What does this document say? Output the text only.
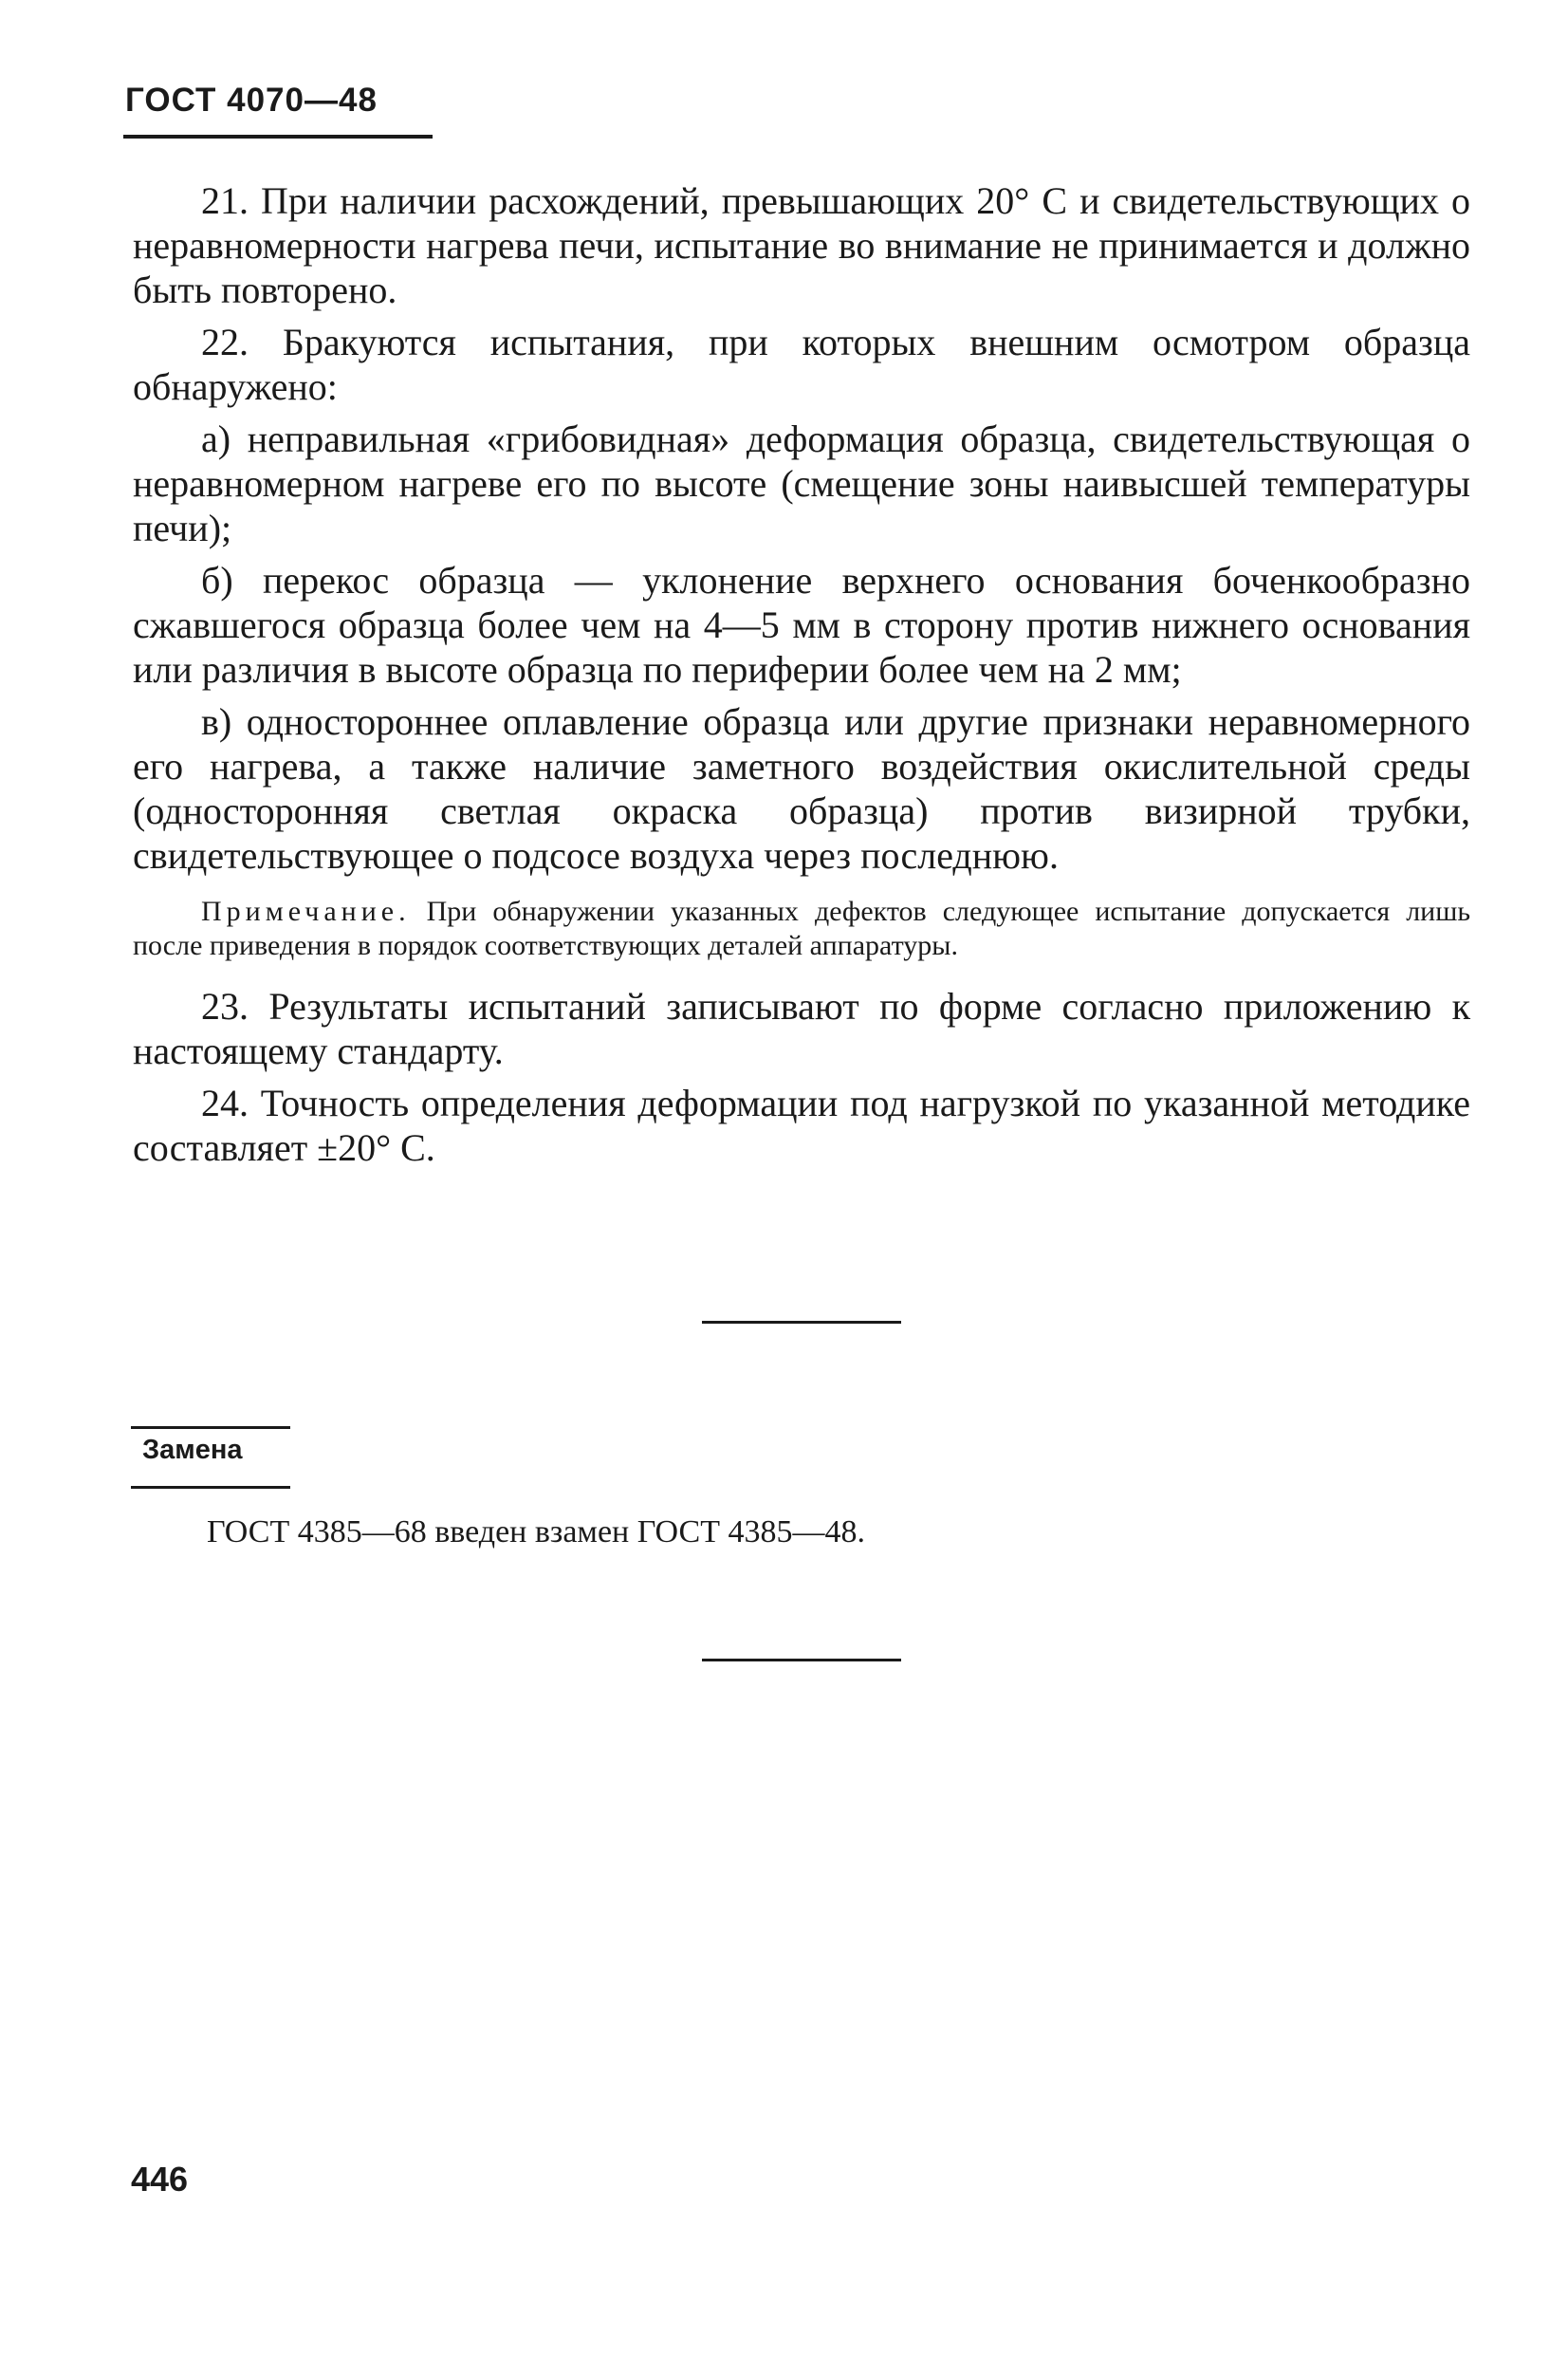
ГОСТ 4070—48

21. При наличии расхождений, превышающих 20° С и свидетельствующих о неравномерности нагрева печи, испытание во внимание не принимается и должно быть повторено.

22. Бракуются испытания, при которых внешним осмотром образца обнаружено:

а) неправильная «грибовидная» деформация образца, свидетельствующая о неравномерном нагреве его по высоте (смещение зоны наивысшей температуры печи);

б) перекос образца — уклонение верхнего основания боченкообразно сжавшегося образца более чем на 4—5 мм в сторону против нижнего основания или различия в высоте образца по периферии более чем на 2 мм;

в) одностороннее оплавление образца или другие признаки неравномерного его нагрева, а также наличие заметного воздействия окислительной среды (односторонняя светлая окраска образца) против визирной трубки, свидетельствующее о подсосе воздуха через последнюю.

Примечание. При обнаружении указанных дефектов следующее испытание допускается лишь после приведения в порядок соответствующих деталей аппаратуры.

23. Результаты испытаний записывают по форме согласно приложению к настоящему стандарту.

24. Точность определения деформации под нагрузкой по указанной методике составляет ±20° С.

Замена
ГОСТ 4385—68 введен взамен ГОСТ 4385—48.
446
